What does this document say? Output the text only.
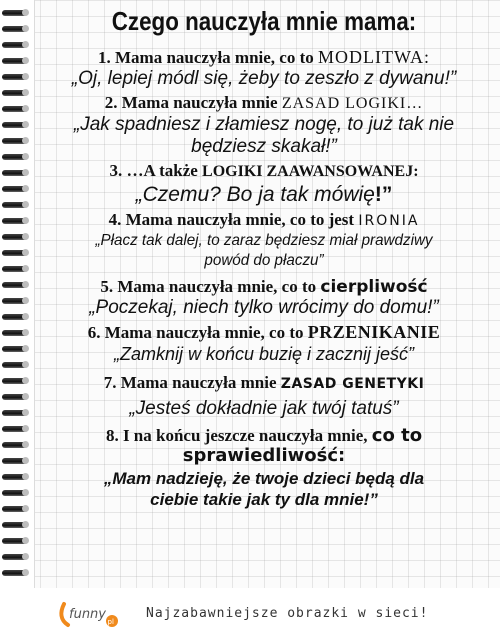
Czego nauczyła mnie mama:
1. Mama nauczyła mnie, co to MODLITWA:
„Oj, lepiej módl się, żeby to zeszło z dywanu!”
2. Mama nauczyła mnie ZASAD LOGIKI…
„Jak spadniesz i złamiesz nogę, to już tak nie będziesz skakał!”
3. …A także LOGIKI ZAAWANSOWANEJ:
„Czemu? Bo ja tak mówię!”
4. Mama nauczyła mnie, co to jest IRONIA
„Płacz tak dalej, to zaraz będziesz miał prawdziwy powód do płaczu”
5. Mama nauczyła mnie, co to cierpliwość
„Poczekaj, niech tylko wrócimy do domu!”
6. Mama nauczyła mnie, co to PRZENIKANIE
„Zamknij w końcu buzię i zacznij jeść”
7. Mama nauczyła mnie ZASAD GENETYKI
„Jesteś dokładnie jak twój tatuś”
8. I na końcu jeszcze nauczyła mnie, co to
sprawiedliwość:
„Mam nadzieję, że twoje dzieci będą dla ciebie takie jak ty dla mnie!”
funny pl
Najzabawniejsze obrazki w sieci!
